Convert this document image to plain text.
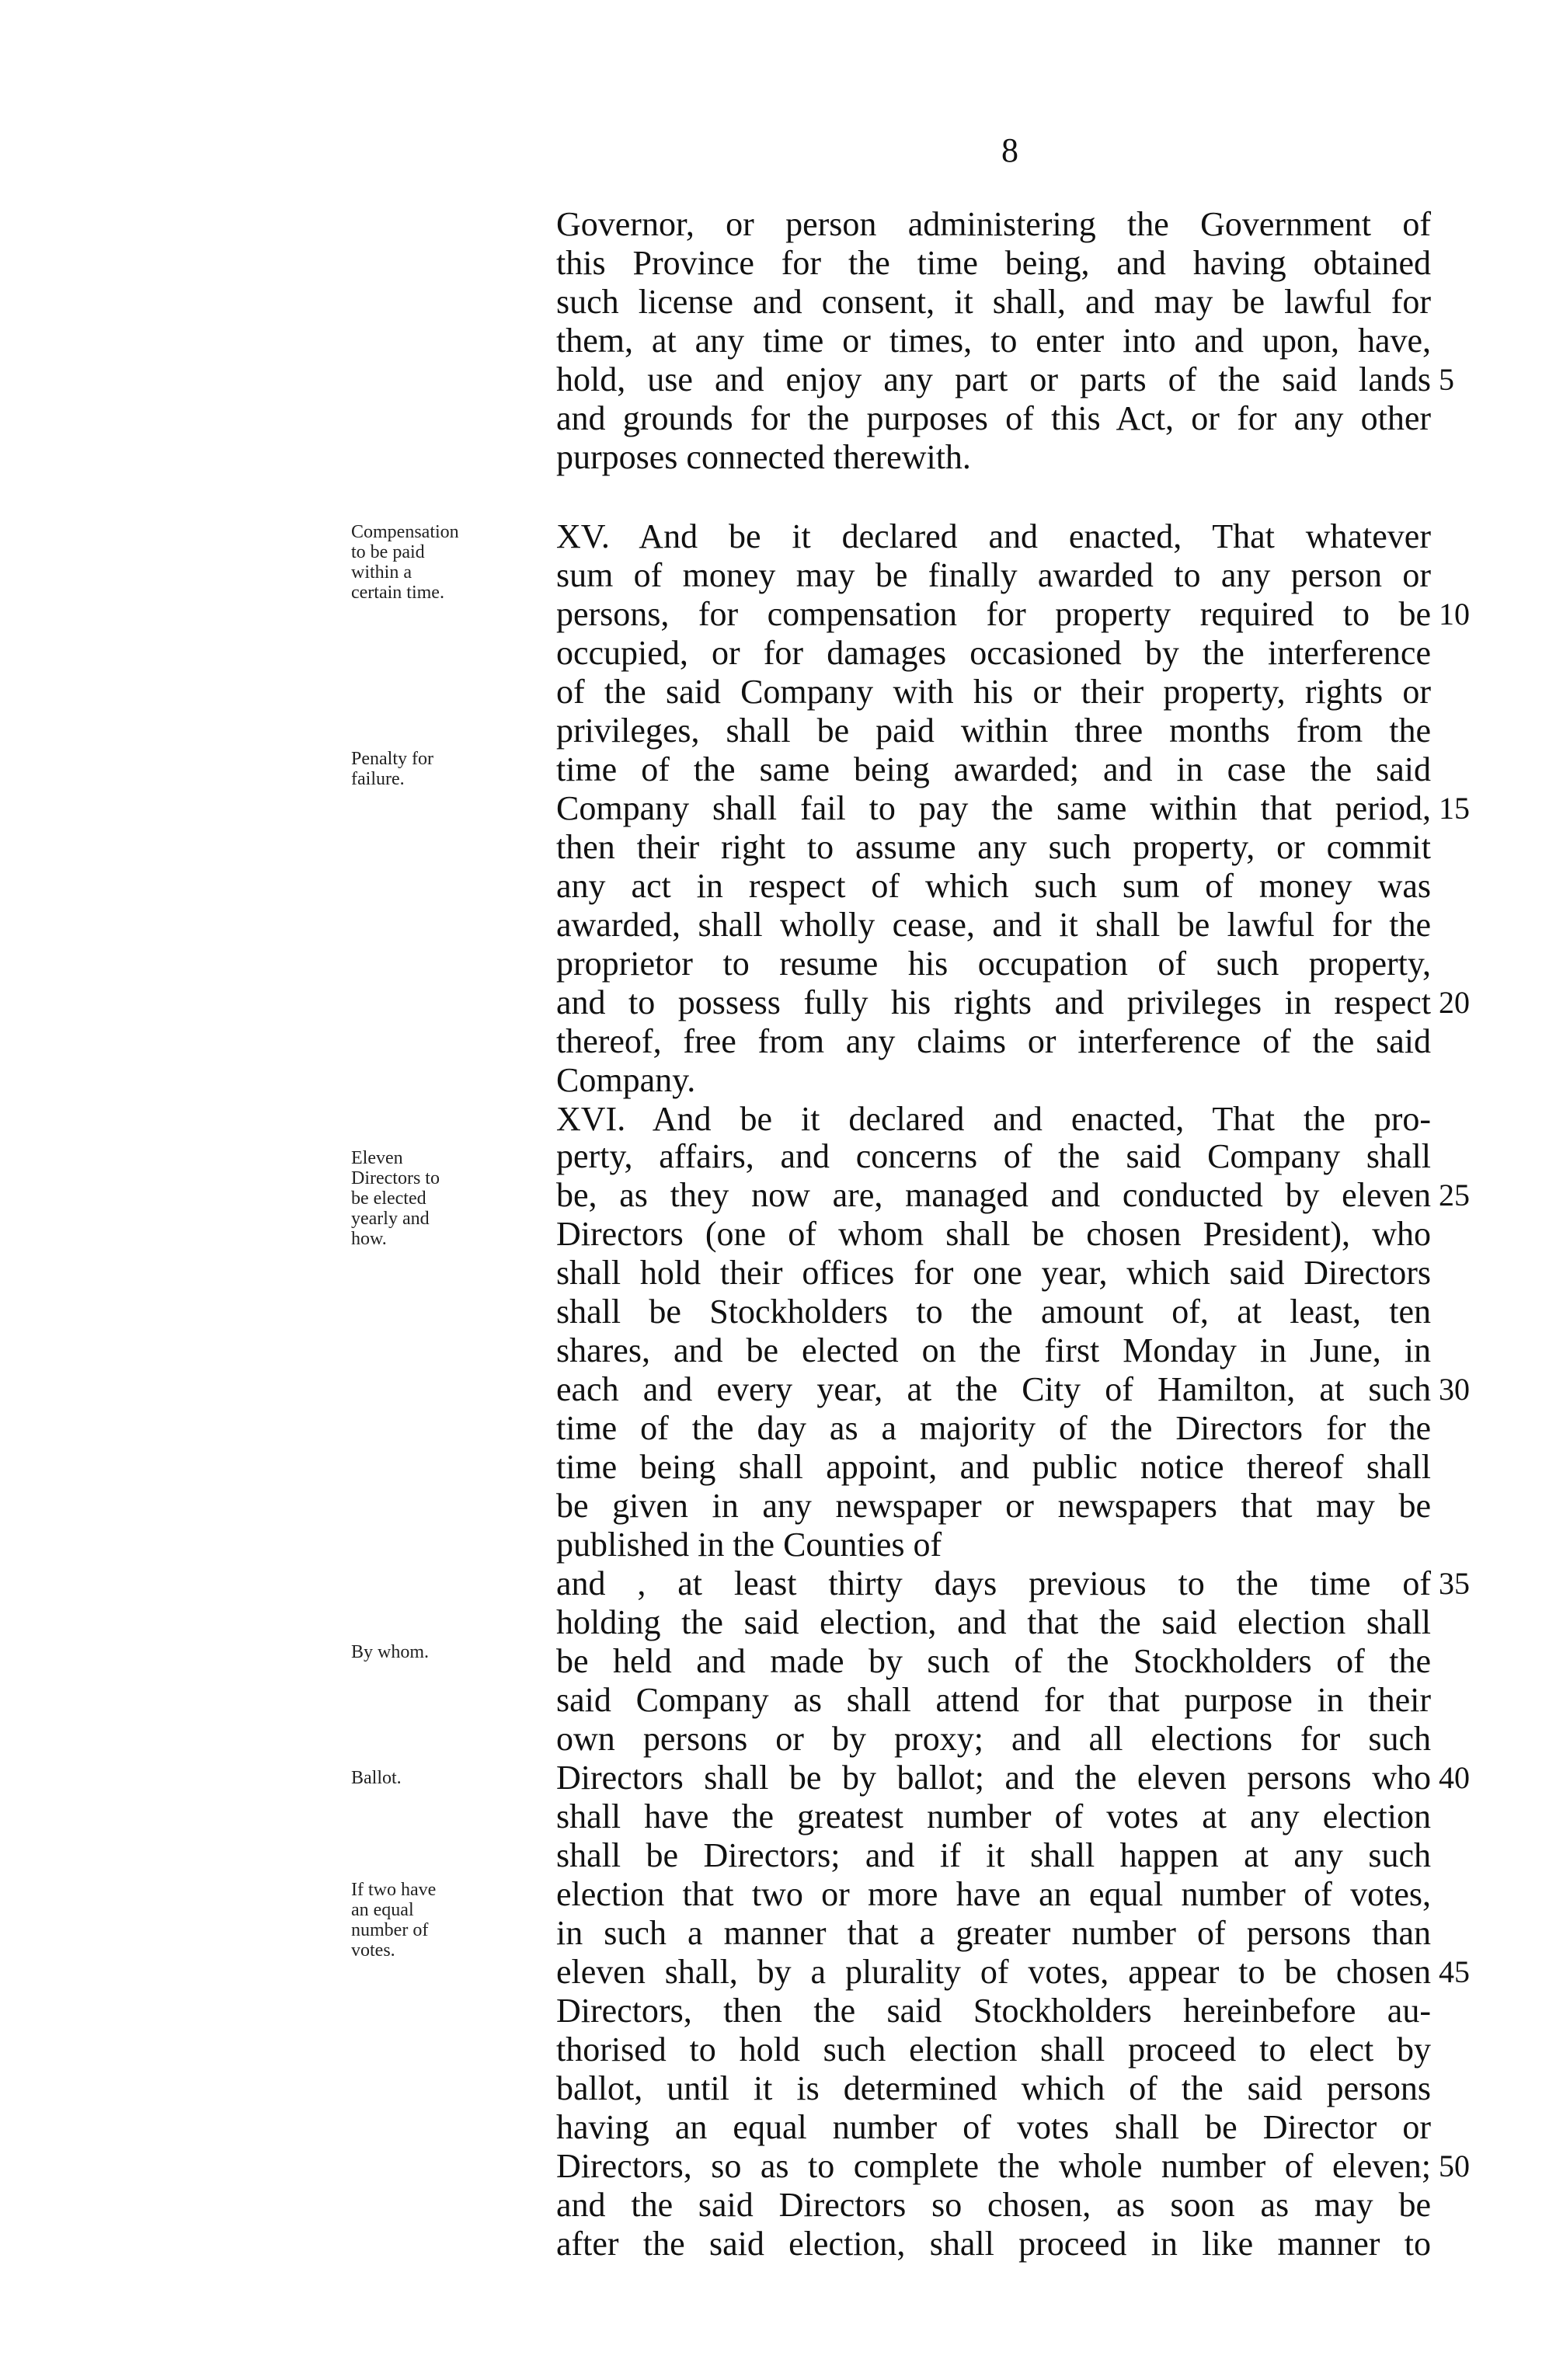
8
Governor, or person administering the Government of
this Province for the time being, and having obtained
such license and consent, it shall, and may be lawful for
them, at any time or times, to enter into and upon, have,
hold, use and enjoy any part or parts of the said lands
and grounds for the purposes of this Act, or for any other
purposes connected therewith.
XV. And be it declared and enacted, That whatever
sum of money may be finally awarded to any person or
persons, for compensation for property required to be
occupied, or for damages occasioned by the interference
of the said Company with his or their property, rights or
privileges, shall be paid within three months from the
time of the same being awarded; and in case the said
Company shall fail to pay the same within that period,
then their right to assume any such property, or commit
any act in respect of which such sum of money was
awarded, shall wholly cease, and it shall be lawful for the
proprietor to resume his occupation of such property,
and to possess fully his rights and privileges in respect
thereof, free from any claims or interference of the said
Company.
XVI. And be it declared and enacted, That the pro-
perty, affairs, and concerns of the said Company shall
be, as they now are, managed and conducted by eleven
Directors (one of whom shall be chosen President), who
shall hold their offices for one year, which said Directors
shall be Stockholders to the amount of, at least, ten
shares, and be elected on the first Monday in June, in
each and every year, at the City of Hamilton, at such
time of the day as a majority of the Directors for the
time being shall appoint, and public notice thereof shall
be given in any newspaper or newspapers that may be
published in the Counties of
and , at least thirty days previous to the time of
holding the said election, and that the said election shall
be held and made by such of the Stockholders of the
said Company as shall attend for that purpose in their
own persons or by proxy; and all elections for such
Directors shall be by ballot; and the eleven persons who
shall have the greatest number of votes at any election
shall be Directors; and if it shall happen at any such
election that two or more have an equal number of votes,
in such a manner that a greater number of persons than
eleven shall, by a plurality of votes, appear to be chosen
Directors, then the said Stockholders hereinbefore au-
thorised to hold such election shall proceed to elect by
ballot, until it is determined which of the said persons
having an equal number of votes shall be Director or
Directors, so as to complete the whole number of eleven;
and the said Directors so chosen, as soon as may be
after the said election, shall proceed in like manner to
5
10
15
20
25
30
35
40
45
50
Compensation
to be paid
within a
certain time.
Penalty for
failure.
Eleven
Directors to
be elected
yearly and
how.
By whom.
Ballot.
If two have
an equal
number of
votes.
